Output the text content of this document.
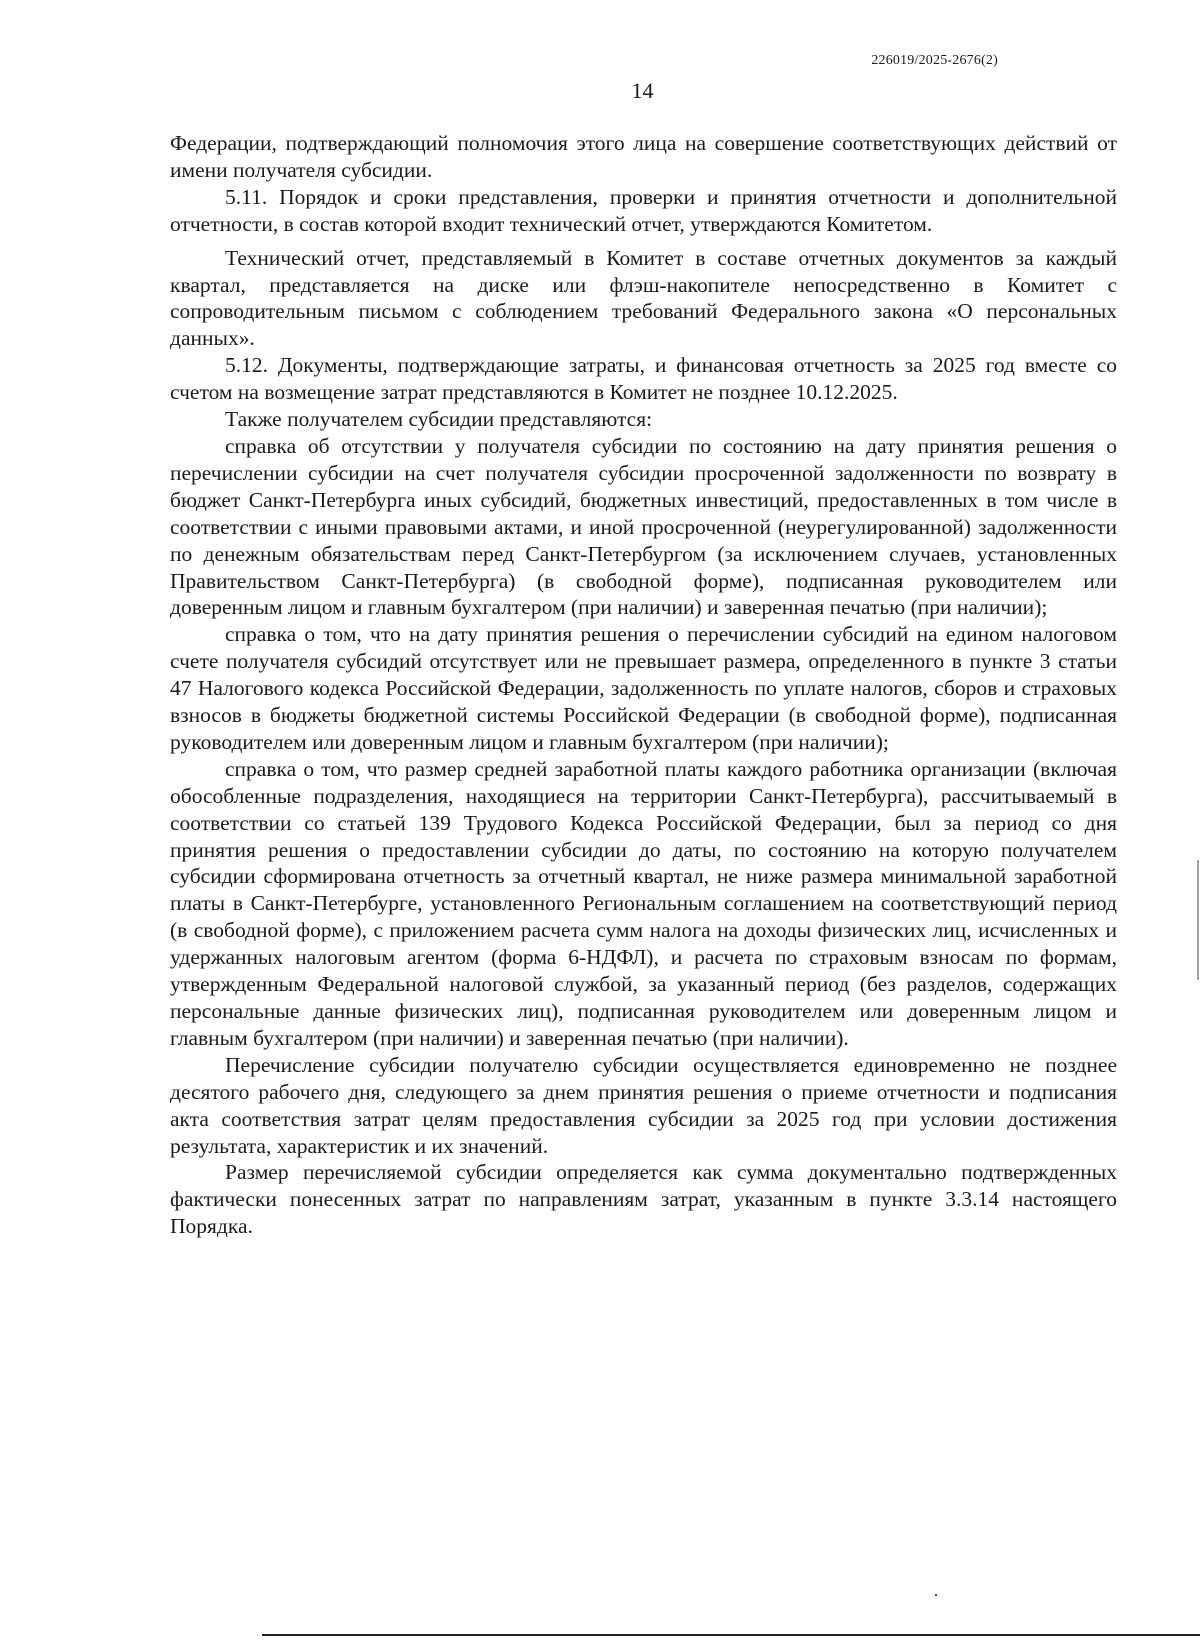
226019/2025-2676(2)
14

Федерации, подтверждающий полномочия этого лица на совершение соответствующих действий от имени получателя субсидии.

5.11. Порядок и сроки представления, проверки и принятия отчетности и дополнительной отчетности, в состав которой входит технический отчет, утверждаются Комитетом.

Технический отчет, представляемый в Комитет в составе отчетных документов за каждый квартал, представляется на диске или флэш-накопителе непосредственно в Комитет с сопроводительным письмом с соблюдением требований Федерального закона «О персональных данных».

5.12. Документы, подтверждающие затраты, и финансовая отчетность за 2025 год вместе со счетом на возмещение затрат представляются в Комитет не позднее 10.12.2025.

Также получателем субсидии представляются:

справка об отсутствии у получателя субсидии по состоянию на дату принятия решения о перечислении субсидии на счет получателя субсидии просроченной задолженности по возврату в бюджет Санкт-Петербурга иных субсидий, бюджетных инвестиций, предоставленных в том числе в соответствии с иными правовыми актами, и иной просроченной (неурегулированной) задолженности по денежным обязательствам перед Санкт-Петербургом (за исключением случаев, установленных Правительством Санкт-Петербурга) (в свободной форме), подписанная руководителем или доверенным лицом и главным бухгалтером (при наличии) и заверенная печатью (при наличии);

справка о том, что на дату принятия решения о перечислении субсидий на едином налоговом счете получателя субсидий отсутствует или не превышает размера, определенного в пункте 3 статьи 47 Налогового кодекса Российской Федерации, задолженность по уплате налогов, сборов и страховых взносов в бюджеты бюджетной системы Российской Федерации (в свободной форме), подписанная руководителем или доверенным лицом и главным бухгалтером (при наличии);

справка о том, что размер средней заработной платы каждого работника организации (включая обособленные подразделения, находящиеся на территории Санкт-Петербурга), рассчитываемый в соответствии со статьей 139 Трудового Кодекса Российской Федерации, был за период со дня принятия решения о предоставлении субсидии до даты, по состоянию на которую получателем субсидии сформирована отчетность за отчетный квартал, не ниже размера минимальной заработной платы в Санкт-Петербурге, установленного Региональным соглашением на соответствующий период (в свободной форме), с приложением расчета сумм налога на доходы физических лиц, исчисленных и удержанных налоговым агентом (форма 6-НДФЛ), и расчета по страховым взносам по формам, утвержденным Федеральной налоговой службой, за указанный период (без разделов, содержащих персональные данные физических лиц), подписанная руководителем или доверенным лицом и главным бухгалтером (при наличии) и заверенная печатью (при наличии).

Перечисление субсидии получателю субсидии осуществляется единовременно не позднее десятого рабочего дня, следующего за днем принятия решения о приеме отчетности и подписания акта соответствия затрат целям предоставления субсидии за 2025 год при условии достижения результата, характеристик и их значений.

Размер перечисляемой субсидии определяется как сумма документально подтвержденных фактически понесенных затрат по направлениям затрат, указанным в пункте 3.3.14 настоящего Порядка.
